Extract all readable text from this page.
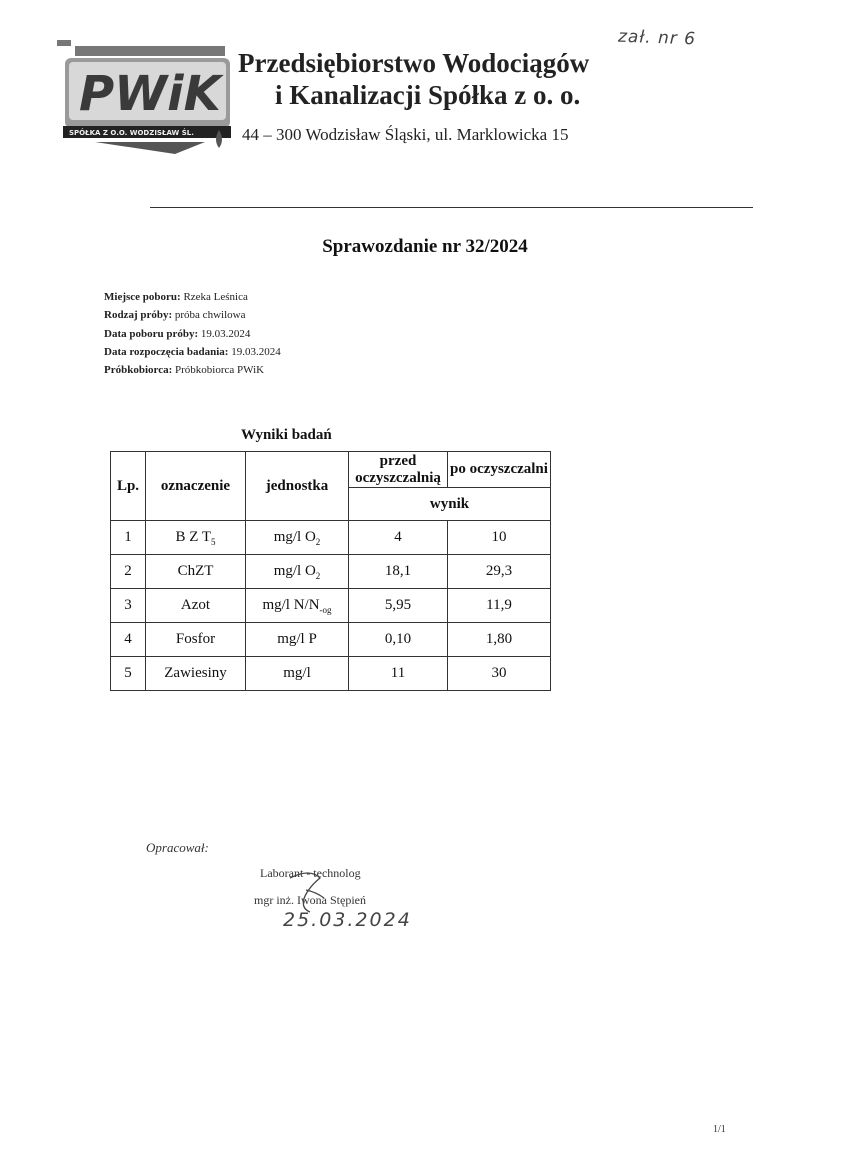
zał. nr 6
PWiK
SPÓŁKA Z O.O. WODZISŁAW ŚL.
Przedsiębiorstwo Wodociągów
i Kanalizacji Spółka z o. o.
44 – 300 Wodzisław Śląski, ul. Marklowicka 15
Sprawozdanie nr 32/2024
Miejsce poboru: Rzeka Leśnica
Rodzaj próby: próba chwilowa
Data poboru próby: 19.03.2024
Data rozpoczęcia badania: 19.03.2024
Próbkobiorca: Próbkobiorca PWiK
Wyniki badań
Lp.	oznaczenie	jednostka	przed oczyszczalnią	po oczyszczalni
			wynik	
1	B Z $T_5$	mg/l $O_2$	4	10
2	ChZT	mg/l $O_2$	18,1	29,3
3	Azot	mg/l $N/N_{-og}$	5,95	11,9
4	Fosfor	mg/l P	0,10	1,80
5	Zawiesiny	mg/l	11	30
Opracował:
Laborant - technolog
mgr inż. Iwona Stępień
25.03.2024
1/1
